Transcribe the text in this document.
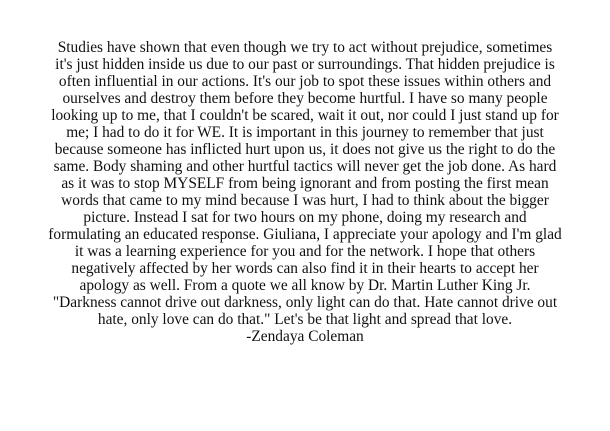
Studies have shown that even though we try to act without prejudice, sometimes
it's just hidden inside us due to our past or surroundings. That hidden prejudice is
often influential in our actions. It's our job to spot these issues within others and
ourselves and destroy them before they become hurtful. I have so many people
looking up to me, that I couldn't be scared, wait it out, nor could I just stand up for
me; I had to do it for WE. It is important in this journey to remember that just
because someone has inflicted hurt upon us, it does not give us the right to do the
same. Body shaming and other hurtful tactics will never get the job done. As hard
as it was to stop MYSELF from being ignorant and from posting the first mean
words that came to my mind because I was hurt, I had to think about the bigger
picture. Instead I sat for two hours on my phone, doing my research and
formulating an educated response. Giuliana, I appreciate your apology and I'm glad
it was a learning experience for you and for the network. I hope that others
negatively affected by her words can also find it in their hearts to accept her
apology as well. From a quote we all know by Dr. Martin Luther King Jr.
"Darkness cannot drive out darkness, only light can do that. Hate cannot drive out
hate, only love can do that." Let's be that light and spread that love.
-Zendaya Coleman
